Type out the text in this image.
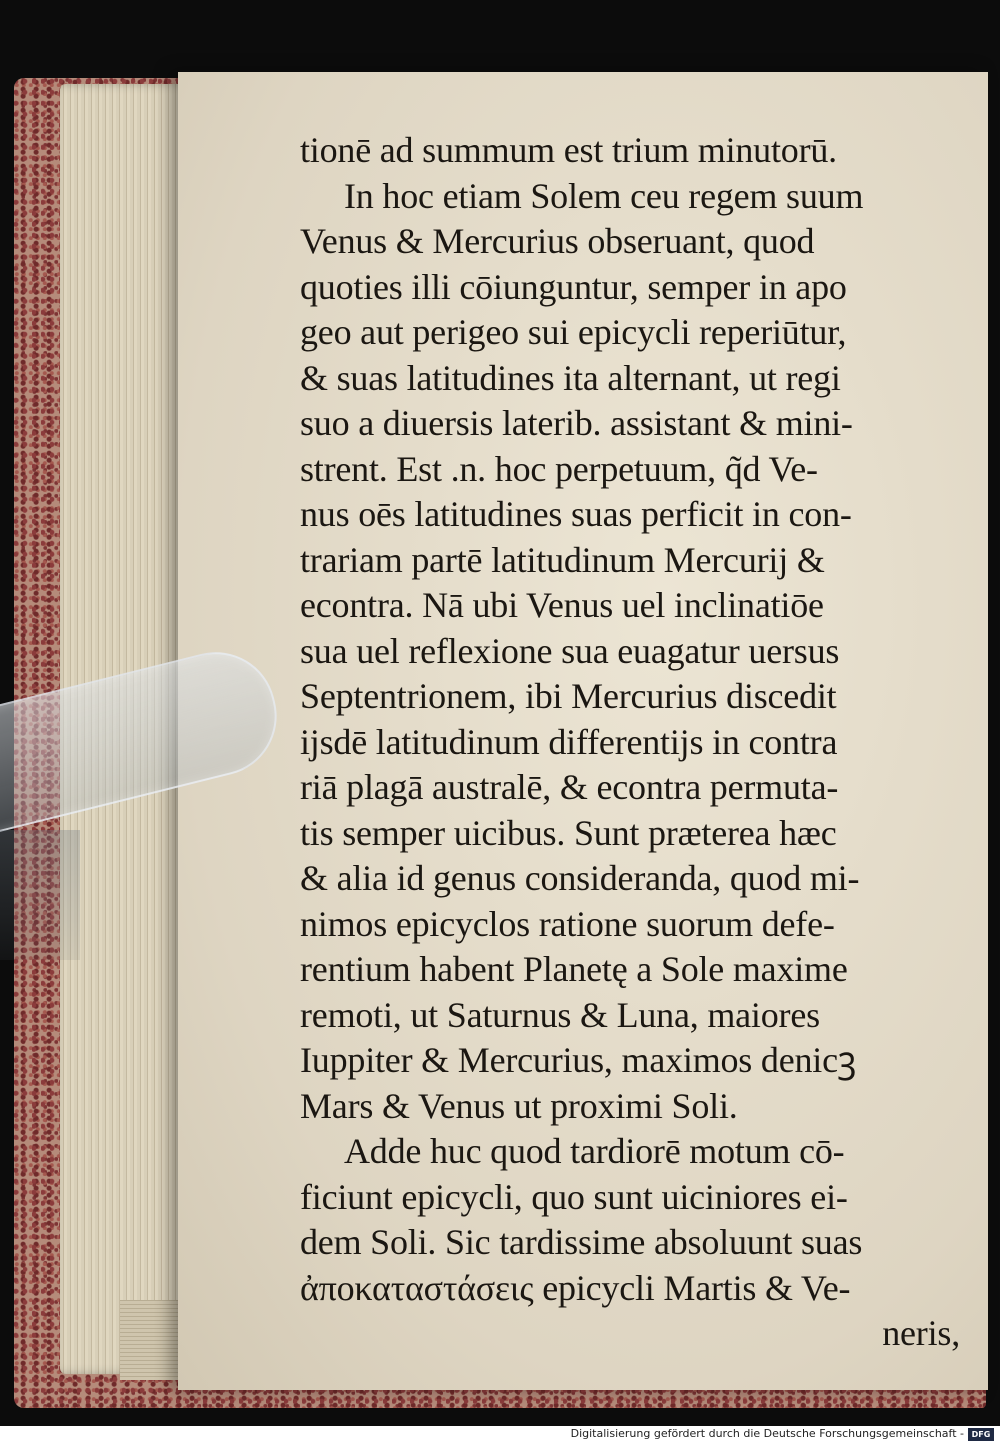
tionē ad summum est trium minutorū.
In hoc etiam Solem ceu regem suum
Venus & Mercurius obseruant, quod
quoties illi cōiunguntur, semper in apo
geo aut perigeo sui epicycli reperiūtur,
& suas latitudines ita alternant, ut regi
suo a diuersis laterib. assistant & mini-
strent. Est .n. hoc perpetuum, q̃d Ve-
nus oēs latitudines suas perficit in con-
trariam partē latitudinum Mercurij &
econtra. Nā ubi Venus uel inclinatiōe
sua uel reflexione sua euagatur uersus
Septentrionem, ibi Mercurius discedit
ijsdē latitudinum differentijs in contra
riā plagā australē, & econtra permuta-
tis semper uicibus. Sunt præterea hæc
& alia id genus consideranda, quod mi-
nimos epicyclos ratione suorum defe-
rentium habent Planetę a Sole maxime
remoti, ut Saturnus & Luna, maiores
Iuppiter & Mercurius, maximos denicꝫ
Mars & Venus ut proximi Soli.
Adde huc quod tardiorē motum cō-
ficiunt epicycli, quo sunt uiciniores ei-
dem Soli. Sic tardissime absoluunt suas
ἀποκαταστάσεις epicycli Martis & Ve-
neris,
Digitalisierung gefördert durch die Deutsche Forschungsgemeinschaft - DFG
